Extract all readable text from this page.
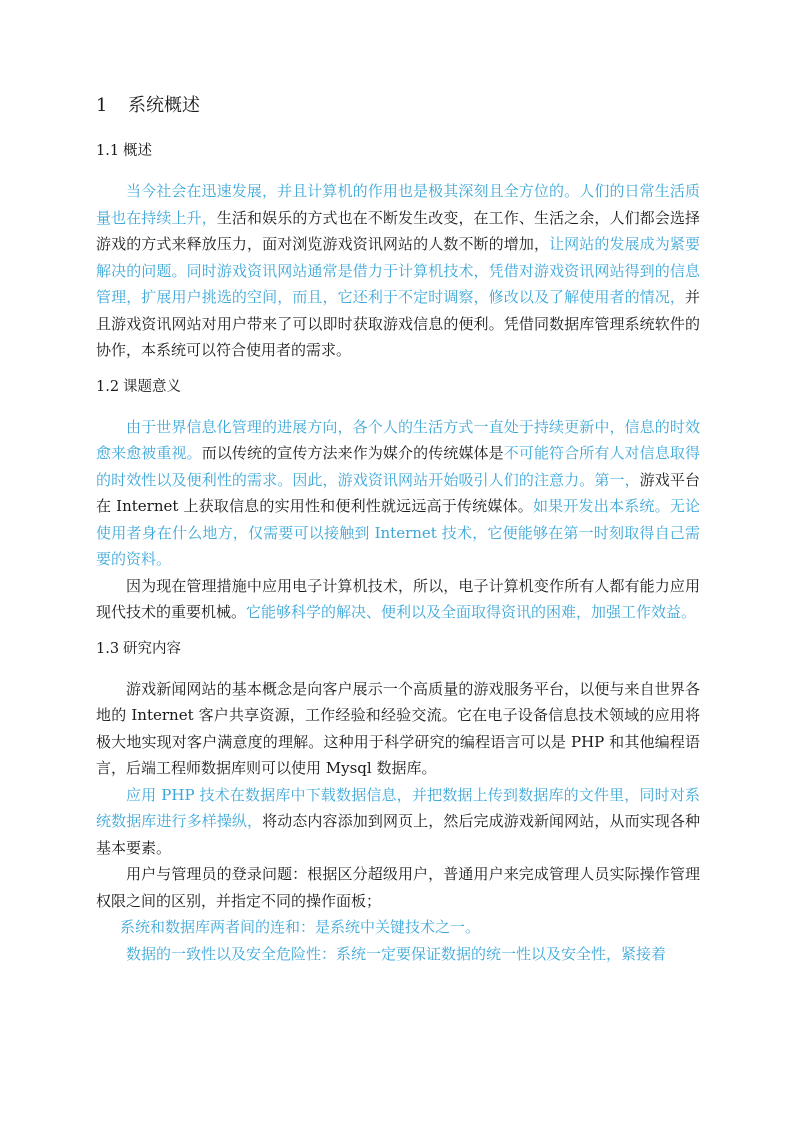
1 系统概述
1.1 概述

当今社会在迅速发展，并且计算机的作用也是极其深刻且全方位的。人们的日常生活质量也在持续上升，生活和娱乐的方式也在不断发生改变，在工作、生活之余，人们都会选择游戏的方式来释放压力，面对浏览游戏资讯网站的人数不断的增加，让网站的发展成为紧要解决的问题。同时游戏资讯网站通常是借力于计算机技术，凭借对游戏资讯网站得到的信息管理，扩展用户挑选的空间，而且，它还利于不定时调察，修改以及了解使用者的情况，并且游戏资讯网站对用户带来了可以即时获取游戏信息的便利。凭借同数据库管理系统软件的协作，本系统可以符合使用者的需求。

1.2 课题意义

由于世界信息化管理的进展方向，各个人的生活方式一直处于持续更新中，信息的时效愈来愈被重视。而以传统的宣传方法来作为媒介的传统媒体是不可能符合所有人对信息取得的时效性以及便利性的需求。因此，游戏资讯网站开始吸引人们的注意力。第一，游戏平台在 Internet 上获取信息的实用性和便利性就远远高于传统媒体。如果开发出本系统。无论使用者身在什么地方，仅需要可以接触到 Internet 技术，它便能够在第一时刻取得自己需要的资料。

因为现在管理措施中应用电子计算机技术，所以，电子计算机变作所有人都有能力应用现代技术的重要机械。它能够科学的解决、便利以及全面取得资讯的困难，加强工作效益。

1.3 研究内容

游戏新闻网站的基本概念是向客户展示一个高质量的游戏服务平台，以便与来自世界各地的 Internet 客户共享资源，工作经验和经验交流。它在电子设备信息技术领域的应用将极大地实现对客户满意度的理解。这种用于科学研究的编程语言可以是 PHP 和其他编程语言，后端工程师数据库则可以使用 Mysql 数据库。

应用 PHP 技术在数据库中下载数据信息，并把数据上传到数据库的文件里，同时对系统数据库进行多样操纵，将动态内容添加到网页上，然后完成游戏新闻网站，从而实现各种基本要素。

用户与管理员的登录问题：根据区分超级用户，普通用户来完成管理人员实际操作管理权限之间的区别，并指定不同的操作面板；

系统和数据库两者间的连和：是系统中关键技术之一。

数据的一致性以及安全危险性：系统一定要保证数据的统一性以及安全性，紧接着
